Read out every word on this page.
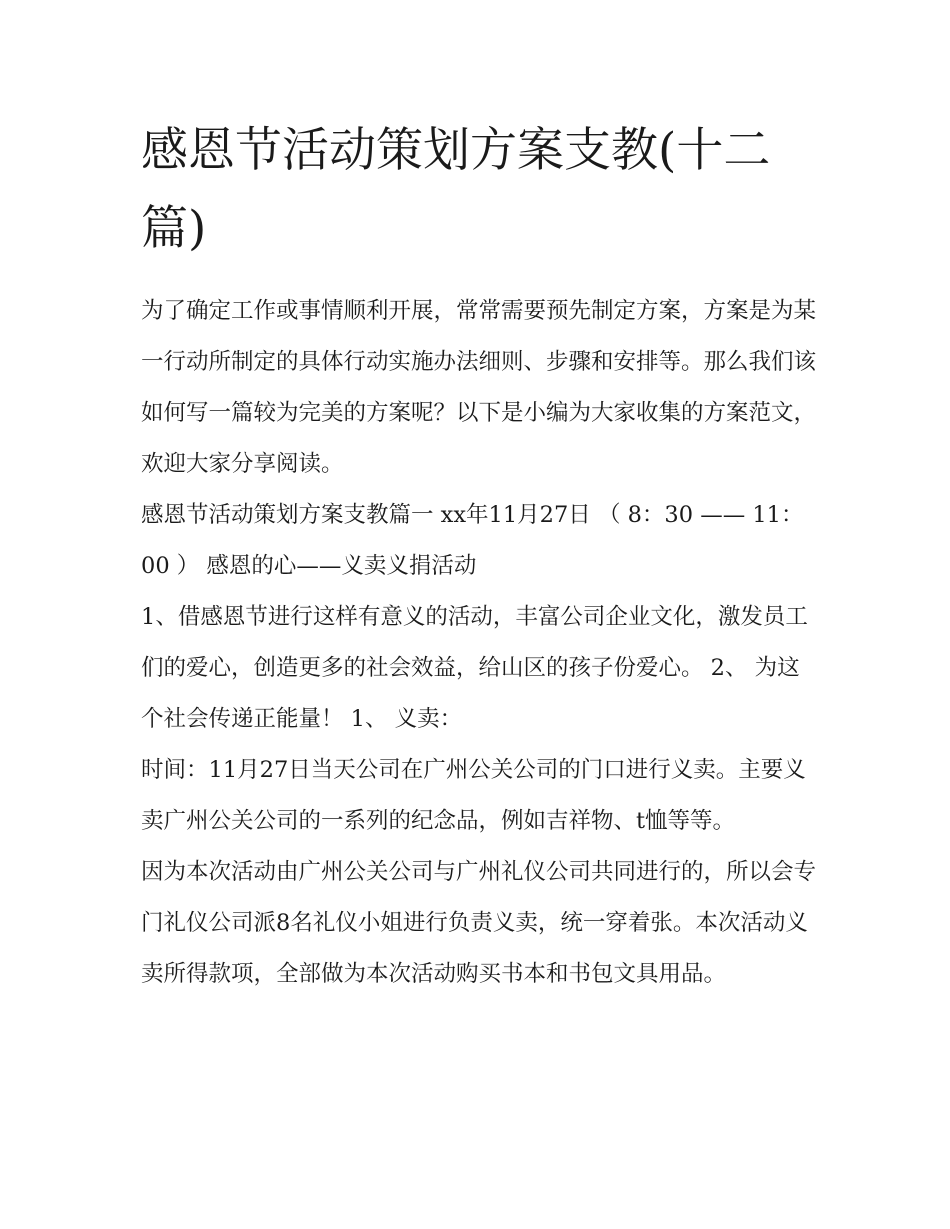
感恩节活动策划方案支教(十二篇)

为了确定工作或事情顺利开展，常常需要预先制定方案，方案是为某一行动所制定的具体行动实施办法细则、步骤和安排等。那么我们该如何写一篇较为完美的方案呢？以下是小编为大家收集的方案范文，欢迎大家分享阅读。

感恩节活动策划方案支教篇一 xx年11月27日 （ 8：30 —— 11：00 ） 感恩的心——义卖义捐活动

1、借感恩节进行这样有意义的活动，丰富公司企业文化，激发员工们的爱心，创造更多的社会效益，给山区的孩子份爱心。 2、 为这个社会传递正能量！ 1、 义卖：

时间：11月27日当天公司在广州公关公司的门口进行义卖。主要义卖广州公关公司的一系列的纪念品，例如吉祥物、t恤等等。

因为本次活动由广州公关公司与广州礼仪公司共同进行的，所以会专门礼仪公司派8名礼仪小姐进行负责义卖，统一穿着张。本次活动义卖所得款项，全部做为本次活动购买书本和书包文具用品。
